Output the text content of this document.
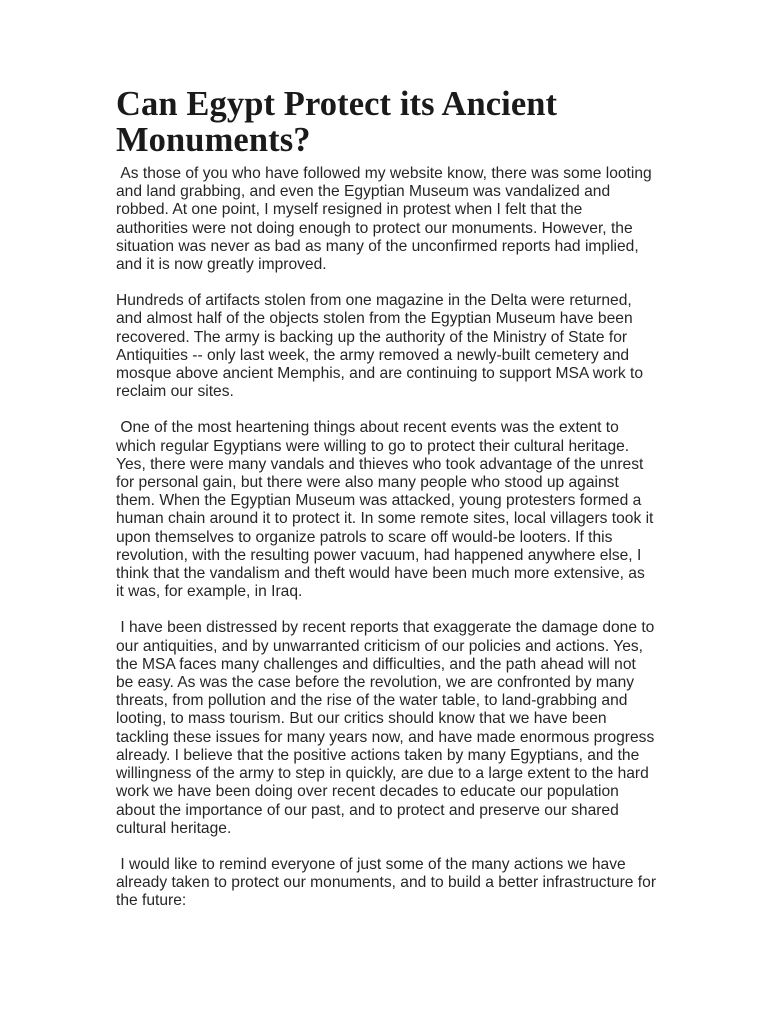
Can Egypt Protect its Ancient Monuments?

As those of you who have followed my website know, there was some looting and land grabbing, and even the Egyptian Museum was vandalized and robbed. At one point, I myself resigned in protest when I felt that the authorities were not doing enough to protect our monuments. However, the situation was never as bad as many of the unconfirmed reports had implied, and it is now greatly improved.

Hundreds of artifacts stolen from one magazine in the Delta were returned, and almost half of the objects stolen from the Egyptian Museum have been recovered. The army is backing up the authority of the Ministry of State for Antiquities -- only last week, the army removed a newly-built cemetery and mosque above ancient Memphis, and are continuing to support MSA work to reclaim our sites.

One of the most heartening things about recent events was the extent to which regular Egyptians were willing to go to protect their cultural heritage. Yes, there were many vandals and thieves who took advantage of the unrest for personal gain, but there were also many people who stood up against them. When the Egyptian Museum was attacked, young protesters formed a human chain around it to protect it. In some remote sites, local villagers took it upon themselves to organize patrols to scare off would-be looters. If this revolution, with the resulting power vacuum, had happened anywhere else, I think that the vandalism and theft would have been much more extensive, as it was, for example, in Iraq.

I have been distressed by recent reports that exaggerate the damage done to our antiquities, and by unwarranted criticism of our policies and actions. Yes, the MSA faces many challenges and difficulties, and the path ahead will not be easy. As was the case before the revolution, we are confronted by many threats, from pollution and the rise of the water table, to land-grabbing and looting, to mass tourism. But our critics should know that we have been tackling these issues for many years now, and have made enormous progress already. I believe that the positive actions taken by many Egyptians, and the willingness of the army to step in quickly, are due to a large extent to the hard work we have been doing over recent decades to educate our population about the importance of our past, and to protect and preserve our shared cultural heritage.

I would like to remind everyone of just some of the many actions we have already taken to protect our monuments, and to build a better infrastructure for the future:
